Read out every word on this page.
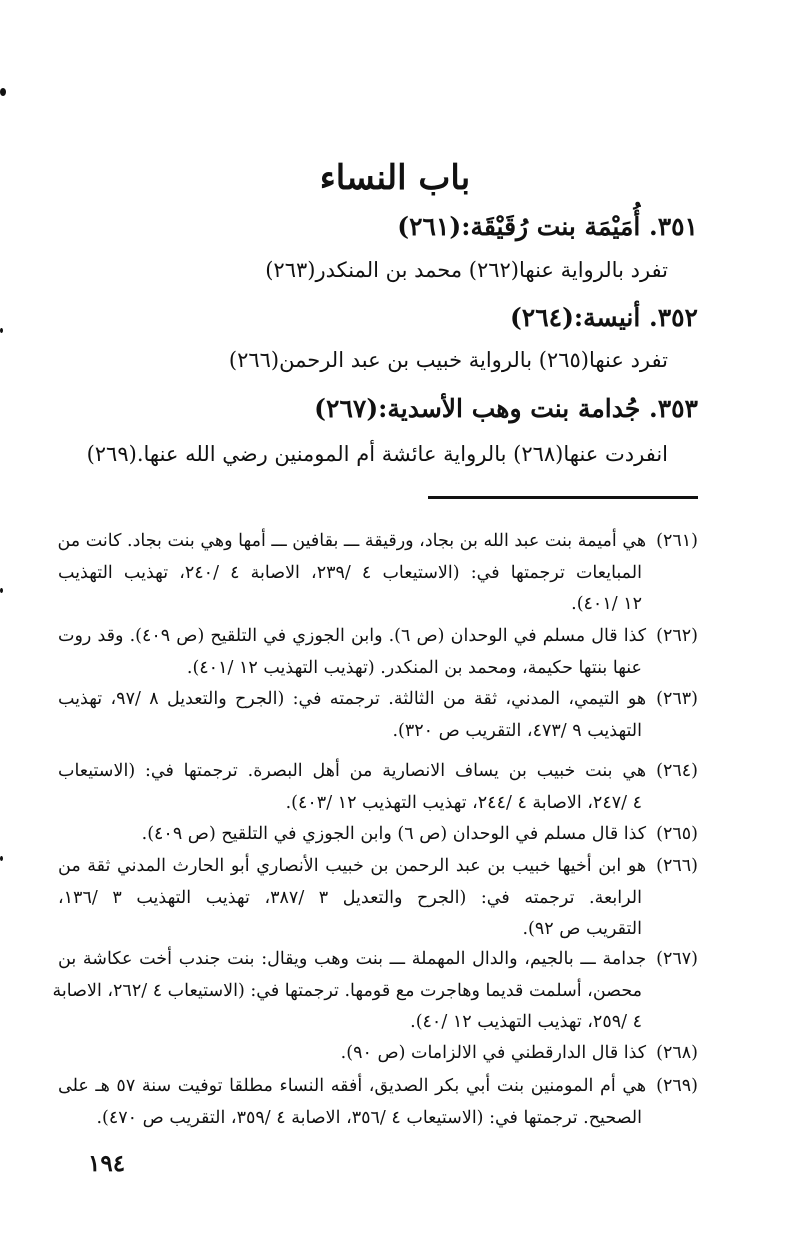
باب النساء
٣٥١. أُمَيْمَة بنت رُقَيْقَة:(٢٦١)
تفرد بالرواية عنها(٢٦٢) محمد بن المنكدر(٢٦٣)
٣٥٢. أنيسة:(٢٦٤)
تفرد عنها(٢٦٥) بالرواية خبيب بن عبد الرحمن(٢٦٦)
٣٥٣. جُدامة بنت وهب الأسدية:(٢٦٧)
انفردت عنها(٢٦٨) بالرواية عائشة أم المومنين رضي الله عنها.(٢٦٩)
(٢٦١)هي أميمة بنت عبد الله بن بجاد، ورقيقة ـــ بقافين ـــ أمها وهي بنت بجاد. كانت من
المبايعات ترجمتها في: (الاستيعاب ٤ /٢٣٩، الاصابة ٤ /٢٤٠، تهذيب التهذيب
١٢ /٤٠١).
(٢٦٢)كذا قال مسلم في الوحدان (ص ٦). وابن الجوزي في التلقيح (ص ٤٠٩). وقد روت
عنها بنتها حكيمة، ومحمد بن المنكدر. (تهذيب التهذيب ١٢ /٤٠١).
(٢٦٣)هو التيمي، المدني، ثقة من الثالثة. ترجمته في: (الجرح والتعديل ٨ /٩٧، تهذيب
التهذيب ٩ /٤٧٣، التقريب ص ٣٢٠).
(٢٦٤)هي بنت خبيب بن يساف الانصارية من أهل البصرة. ترجمتها في: (الاستيعاب
٤ /٢٤٧، الاصابة ٤ /٢٤٤، تهذيب التهذيب ١٢ /٤٠٣).
(٢٦٥)كذا قال مسلم في الوحدان (ص ٦) وابن الجوزي في التلقيح (ص ٤٠٩).
(٢٦٦)هو ابن أخيها خبيب بن عبد الرحمن بن خبيب الأنصاري أبو الحارث المدني ثقة من
الرابعة. ترجمته في: (الجرح والتعديل ٣ /٣٨٧، تهذيب التهذيب ٣ /١٣٦،
التقريب ص ٩٢).
(٢٦٧)جدامة ـــ بالجيم، والدال المهملة ـــ بنت وهب ويقال: بنت جندب أخت عكاشة بن
محصن، أسلمت قديما وهاجرت مع قومها. ترجمتها في: (الاستيعاب ٤ /٢٦٢، الاصابة
٤ /٢٥٩، تهذيب التهذيب ١٢ /٤٠).
(٢٦٨)كذا قال الدارقطني في الالزامات (ص ٩٠).
(٢٦٩)هي أم المومنين بنت أبي بكر الصديق، أفقه النساء مطلقا توفيت سنة ٥٧ هـ على
الصحيح. ترجمتها في: (الاستيعاب ٤ /٣٥٦، الاصابة ٤ /٣٥٩، التقريب ص ٤٧٠).
١٩٤
